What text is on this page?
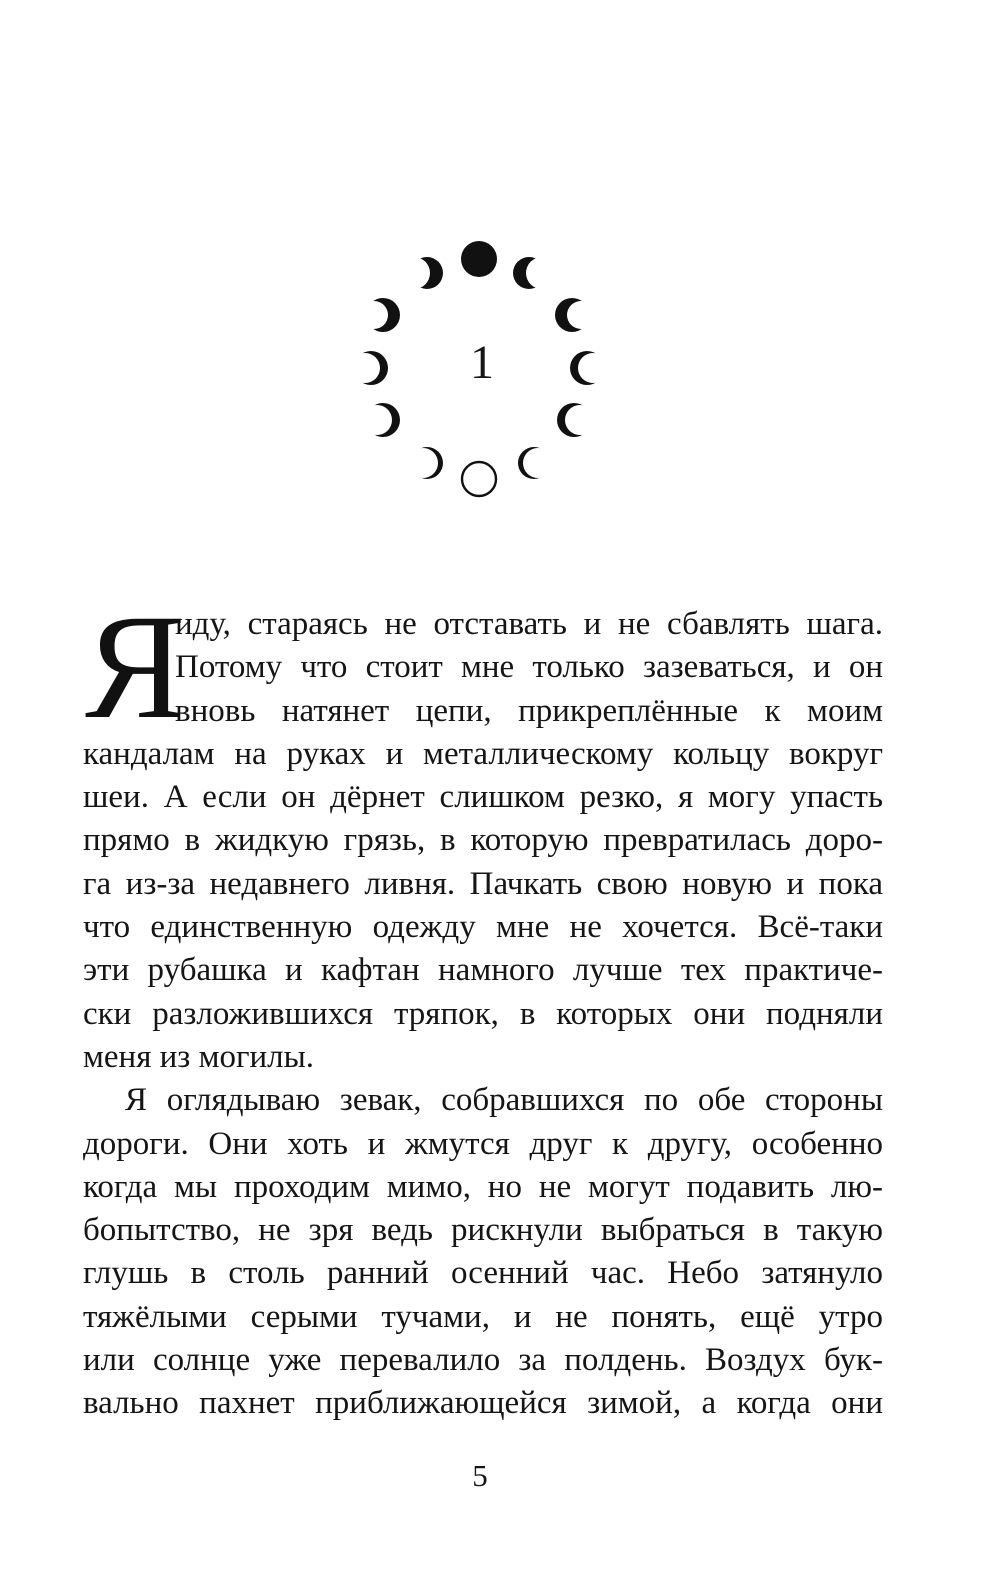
1
Я
иду, стараясь не отставать и не сбавлять шага.
Потому что стоит мне только зазеваться, и он
вновь натянет цепи, прикреплённые к моим
кандалам на руках и металлическому кольцу вокруг
шеи. А если он дёрнет слишком резко, я могу упасть
прямо в жидкую грязь, в которую превратилась доро-
га из-за недавнего ливня. Пачкать свою новую и пока
что единственную одежду мне не хочется. Всё-таки
эти рубашка и кафтан намного лучше тех практиче-
ски разложившихся тряпок, в которых они подняли
меня из могилы.
Я оглядываю зевак, собравшихся по обе стороны
дороги. Они хоть и жмутся друг к другу, особенно
когда мы проходим мимо, но не могут подавить лю-
бопытство, не зря ведь рискнули выбраться в такую
глушь в столь ранний осенний час. Небо затянуло
тяжёлыми серыми тучами, и не понять, ещё утро
или солнце уже перевалило за полдень. Воздух бук-
вально пахнет приближающейся зимой, а когда они
5
